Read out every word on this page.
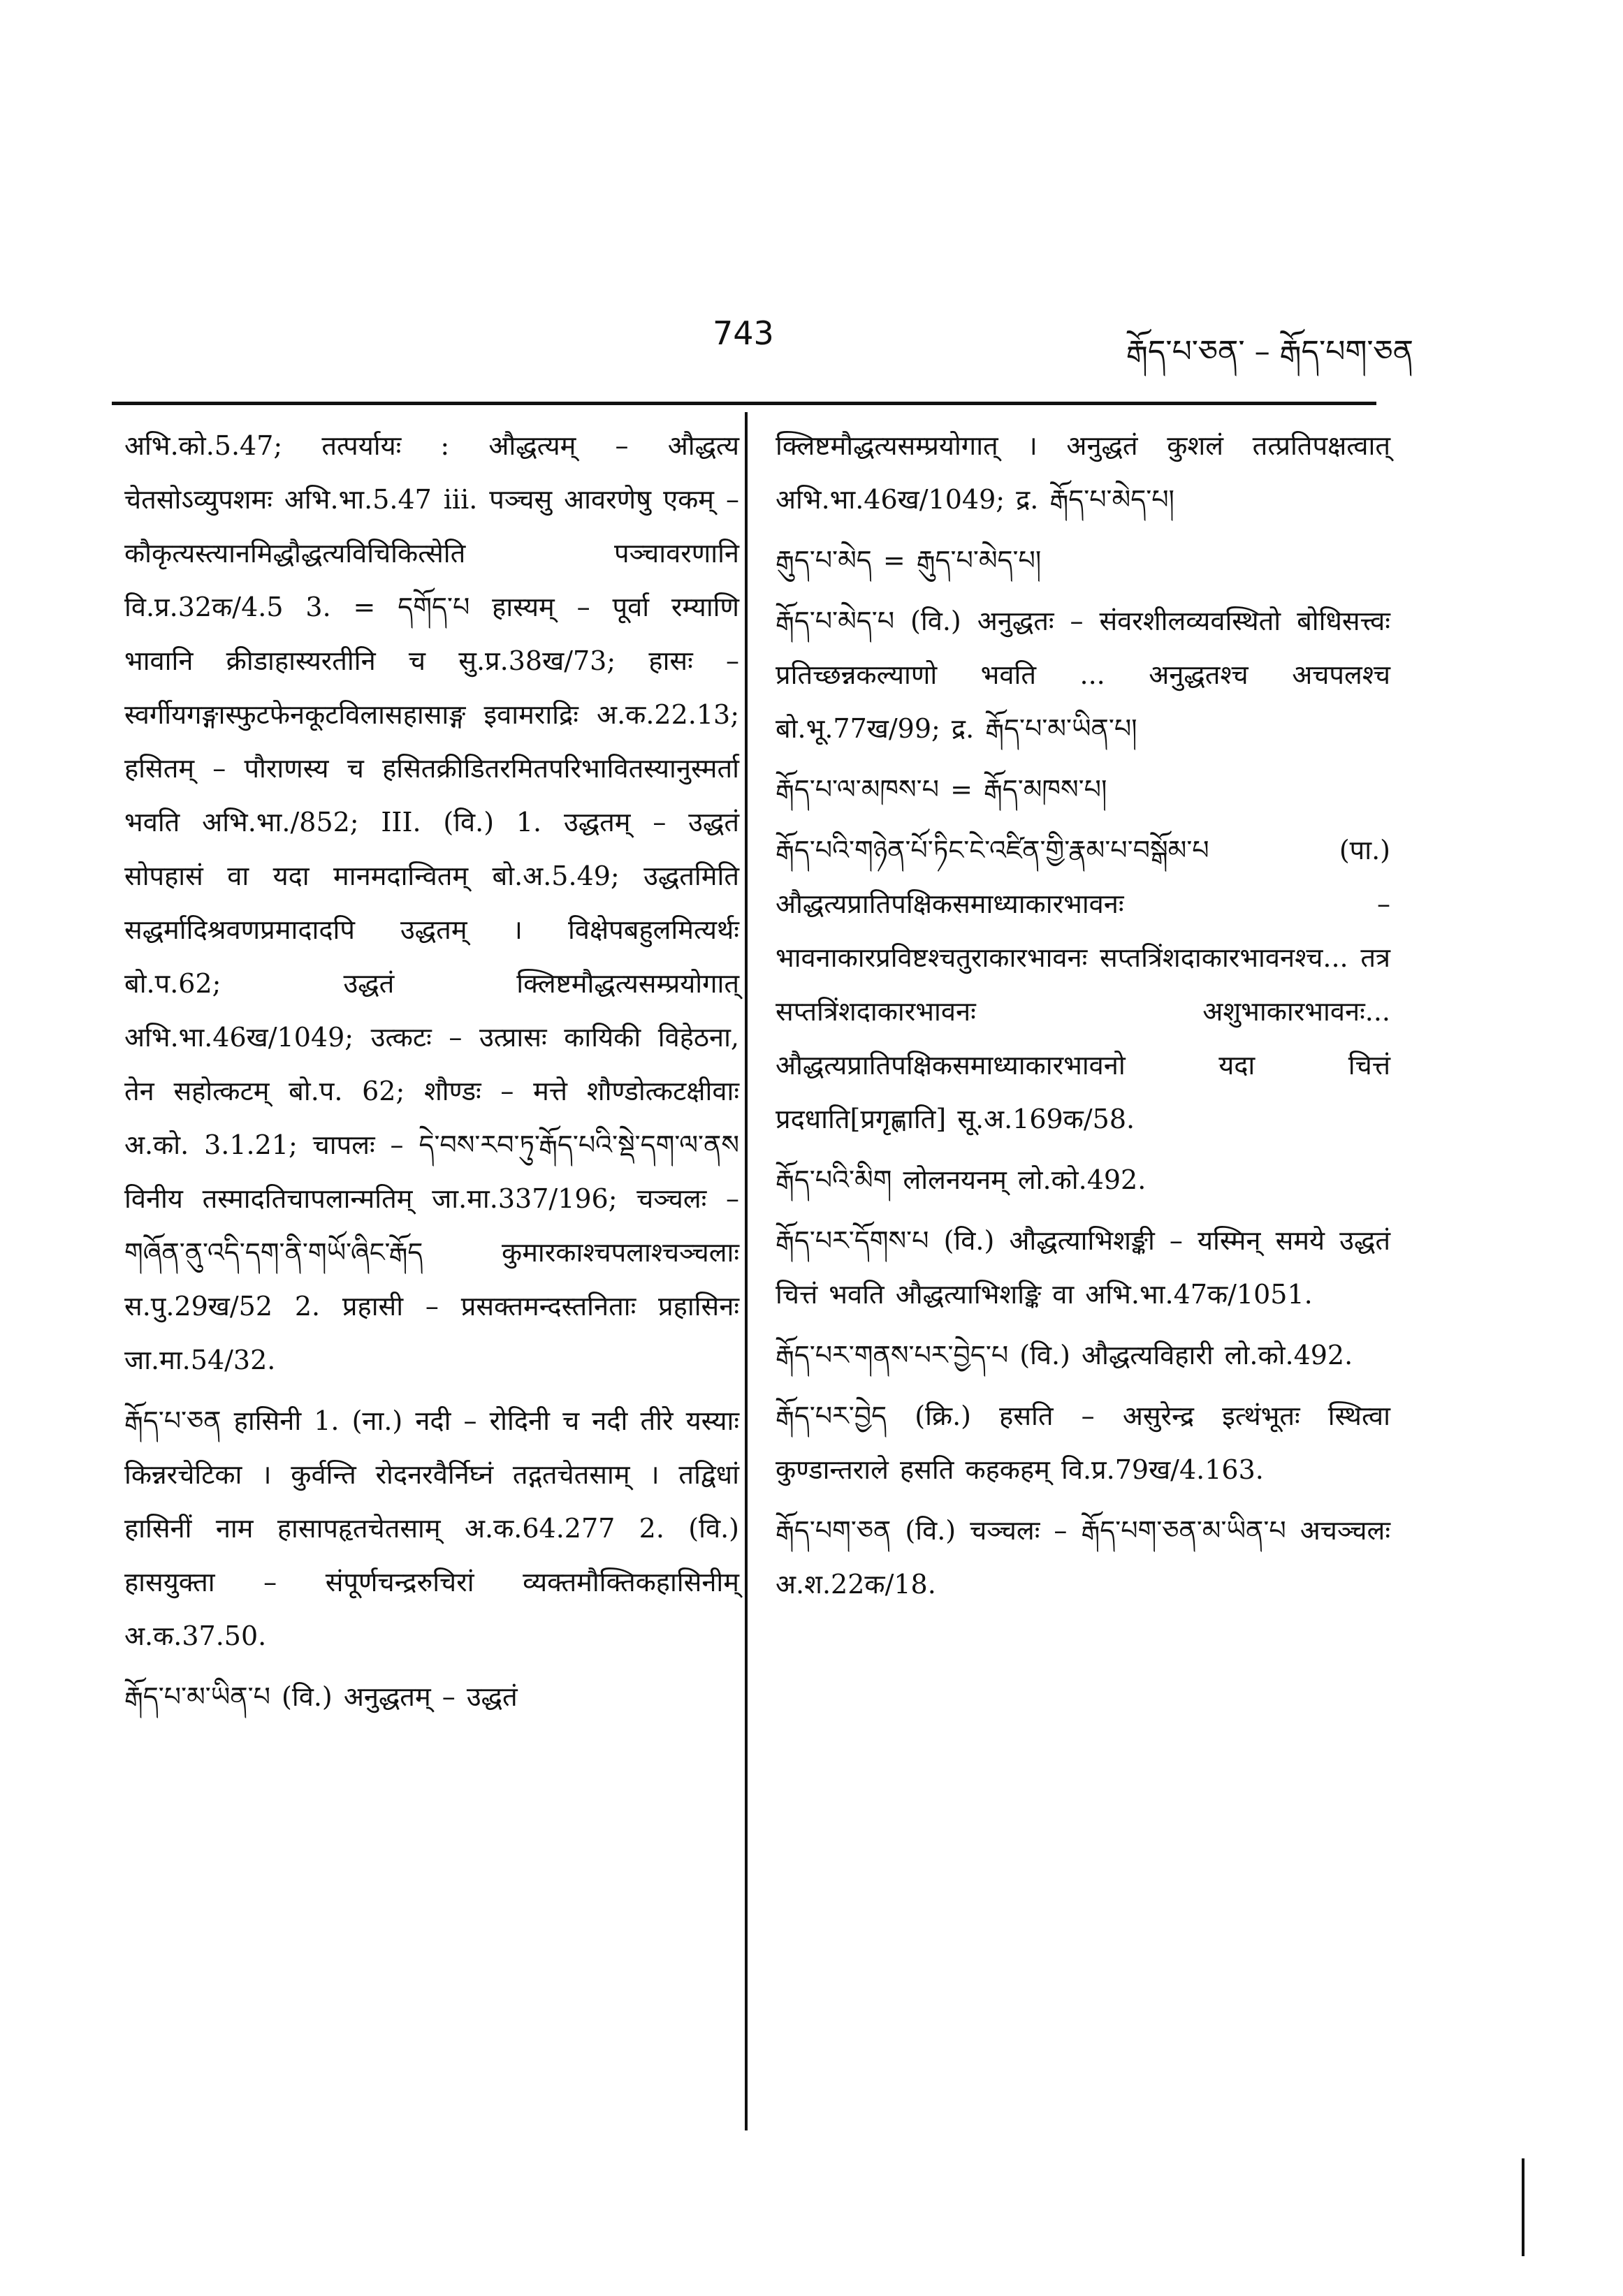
743	རྒོད་པ་ཅན་ – རྒོད་པག་ཅན

अभि.को.5.47; तत्पर्यायः : औद्धत्यम् – औद्धत्य चेतसोऽव्युपशमः अभि.भा.5.47 iii. पञ्चसु आवरणेषु एकम् – कौकृत्यस्त्यानमिद्धौद्धत्यविचिकित्सेति पञ्चावरणानि वि.प्र.32क/4.5 3. = དགོད་པ हास्यम् – पूर्वा रम्याणि भावानि क्रीडाहास्यरतीनि च सु.प्र.38ख/73; हासः – स्वर्गीयगङ्गास्फुटफेनकूटविलासहासाङ्ग इवामराद्रिः अ.क.22.13; हसितम् – पौराणस्य च हसितक्रीडितरमितपरिभावितस्यानुस्मर्ता भवति अभि.भा./852; III. (वि.) 1. उद्धतम् – उद्धतं सोपहासं वा यदा मानमदान्वितम् बो.अ.5.49; उद्धतमिति सद्धर्मादिश्रवणप्रमादादपि उद्धतम् । विक्षेपबहुलमित्यर्थः बो.प.62; उद्धतं क्लिष्टमौद्धत्यसम्प्रयोगात् अभि.भा.46ख/1049; उत्कटः – उत्प्रासः कायिकी विहेठना, तेन सहोत्कटम् बो.प. 62; शौण्डः – मत्ते शौण्डोत्कटक्षीवाः अ.को. 3.1.21; चापलः – དེ་བས་རབ་ཏུ་རྒོད་པའི་སྡེ་དག་ལ་ནས विनीय तस्मादतिचापलान्मतिम् जा.मा.337/196; चञ्चलः – གཞོན་ནུ་འདི་དག་ནི་གཡོ་ཞིང་རྒོད कुमारकाश्चपलाश्चञ्चलाः स.पु.29ख/52 2. प्रहासी – प्रसक्तमन्दस्तनिताः प्रहासिनः जा.मा.54/32.

རྒོད་པ་ཅན हासिनी 1. (ना.) नदी – रोदिनी च नदी तीरे यस्याः किन्नरचेटिका । कुर्वन्ति रोदनरवैर्निघ्नं तद्गतचेतसाम् । तद्विधां हासिनीं नाम हासापहृतचेतसाम् अ.क.64.277 2. (वि.) हासयुक्ता – संपूर्णचन्द्ररुचिरां व्यक्तमौक्तिकहासिनीम् अ.क.37.50.

རྒོད་པ་མ་ཡིན་པ (वि.) अनुद्धतम् – उद्धतं

क्लिष्टमौद्धत्यसम्प्रयोगात् । अनुद्धतं कुशलं तत्प्रतिपक्षत्वात् अभि.भा.46ख/1049; द्र. རྒོད་པ་མེད་པ།

རྒུད་པ་མེད = རྒུད་པ་མེད་པ།

རྒོད་པ་མེད་པ (वि.) अनुद्धतः – संवरशीलव्यवस्थितो बोधिसत्त्वः प्रतिच्छन्नकल्याणो भवति ... अनुद्धतश्च अचपलश्च बो.भू.77ख/99; द्र. རྒོད་པ་མ་ཡིན་པ།

རྒོད་པ་ལ་མཁས་པ = རྒོད་མཁས་པ།

རྒོད་པའི་གཉེན་པོ་ཏིང་ངེ་འཛིན་གྱི་རྣམ་པ་བསྒོམ་པ (पा.) औद्धत्यप्रातिपक्षिकसमाध्याकारभावनः – भावनाकारप्रविष्टश्चतुराकारभावनः सप्तत्रिंशदाकारभावनश्च... तत्र सप्तत्रिंशदाकारभावनः अशुभाकारभावनः... औद्धत्यप्रातिपक्षिकसमाध्याकारभावनो यदा चित्तं प्रदधाति[प्रगृह्णाति] सू.अ.169क/58.

རྒོད་པའི་མིག लोलनयनम् लो.को.492.

རྒོད་པར་དོགས་པ (वि.) औद्धत्याभिशङ्की – यस्मिन् समये उद्धतं चित्तं भवति औद्धत्याभिशङ्कि वा अभि.भा.47क/1051.

རྒོད་པར་གནས་པར་བྱེད་པ (वि.) औद्धत्यविहारी लो.को.492.

རྒོད་པར་བྱེད (क्रि.) हसति – असुरेन्द्र इत्थंभूतः स्थित्वा कुण्डान्तराले हसति कहकहम् वि.प्र.79ख/4.163.

རྒོད་པག་ཅན (वि.) चञ्चलः – རྒོད་པག་ཅན་མ་ཡིན་པ अचञ्चलः अ.श.22क/18.
